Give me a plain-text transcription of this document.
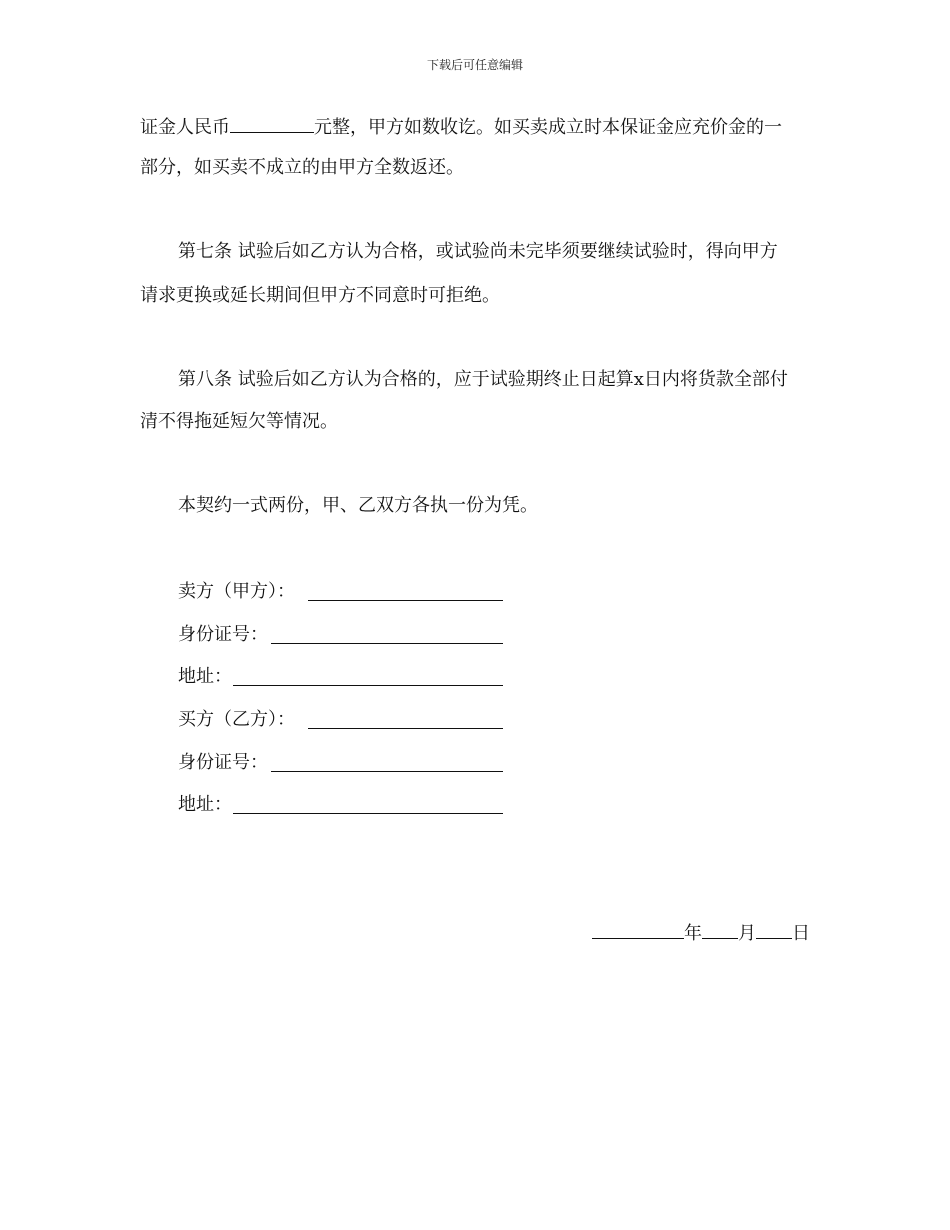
下载后可任意编辑
证金人民币	元整，甲方如数收讫。如买卖成立时本保证金应充价金的一
部分，如买卖不成立的由甲方全数返还。
第七条 试验后如乙方认为合格，或试验尚未完毕须要继续试验时，得向甲方
请求更换或延长期间但甲方不同意时可拒绝。
第八条 试验后如乙方认为合格的，应于试验期终止日起算x日内将货款全部付
清不得拖延短欠等情况。
本契约一式两份，甲、乙双方各执一份为凭。
卖方（甲方）：
身份证号：
地址：
买方（乙方）：
身份证号：
地址：
年 月 日
